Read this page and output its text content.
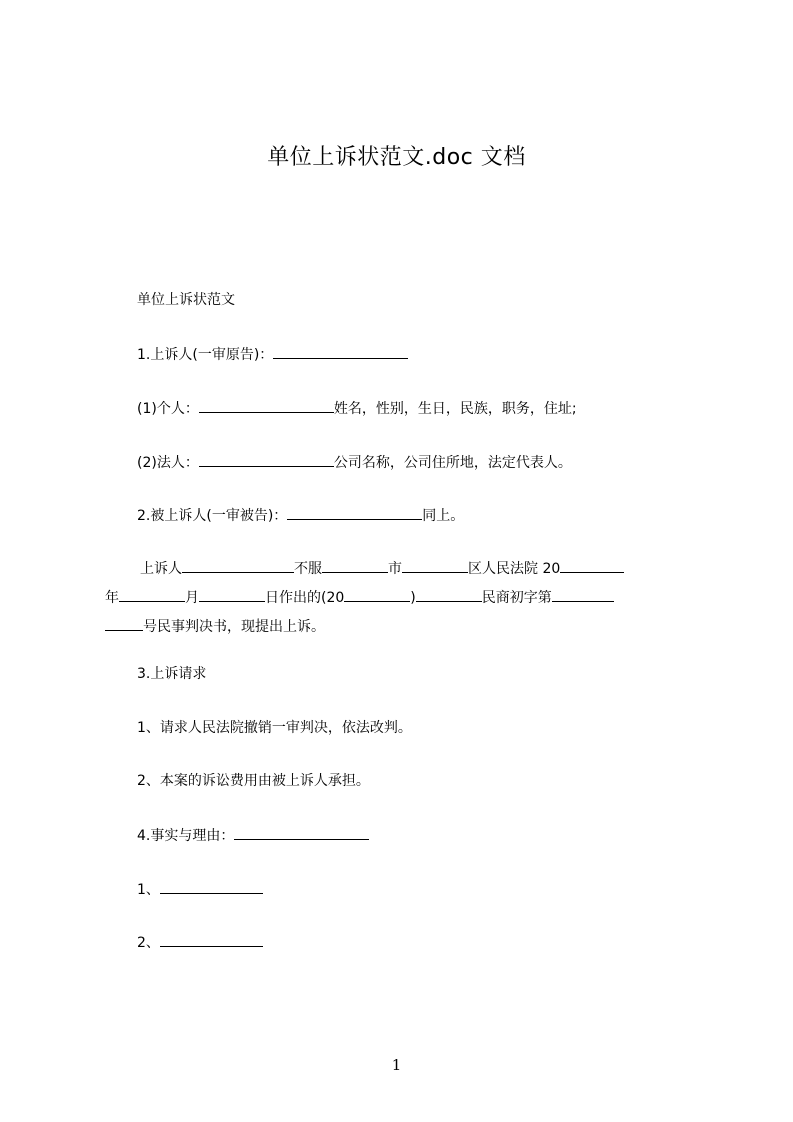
单位上诉状范文.doc 文档
单位上诉状范文
1.上诉人(一审原告)：
(1)个人：	姓名，性别，生日，民族，职务，住址;
(2)法人：	公司名称，公司住所地，法定代表人。
2.被上诉人(一审被告)：	同上。
上诉人	不服	市	区人民法院 20
年	月	日作出的(20	)	民商初字第
号民事判决书，现提出上诉。
3.上诉请求
1、请求人民法院撤销一审判决，依法改判。
2、本案的诉讼费用由被上诉人承担。
4.事实与理由：
1、
2、
1
